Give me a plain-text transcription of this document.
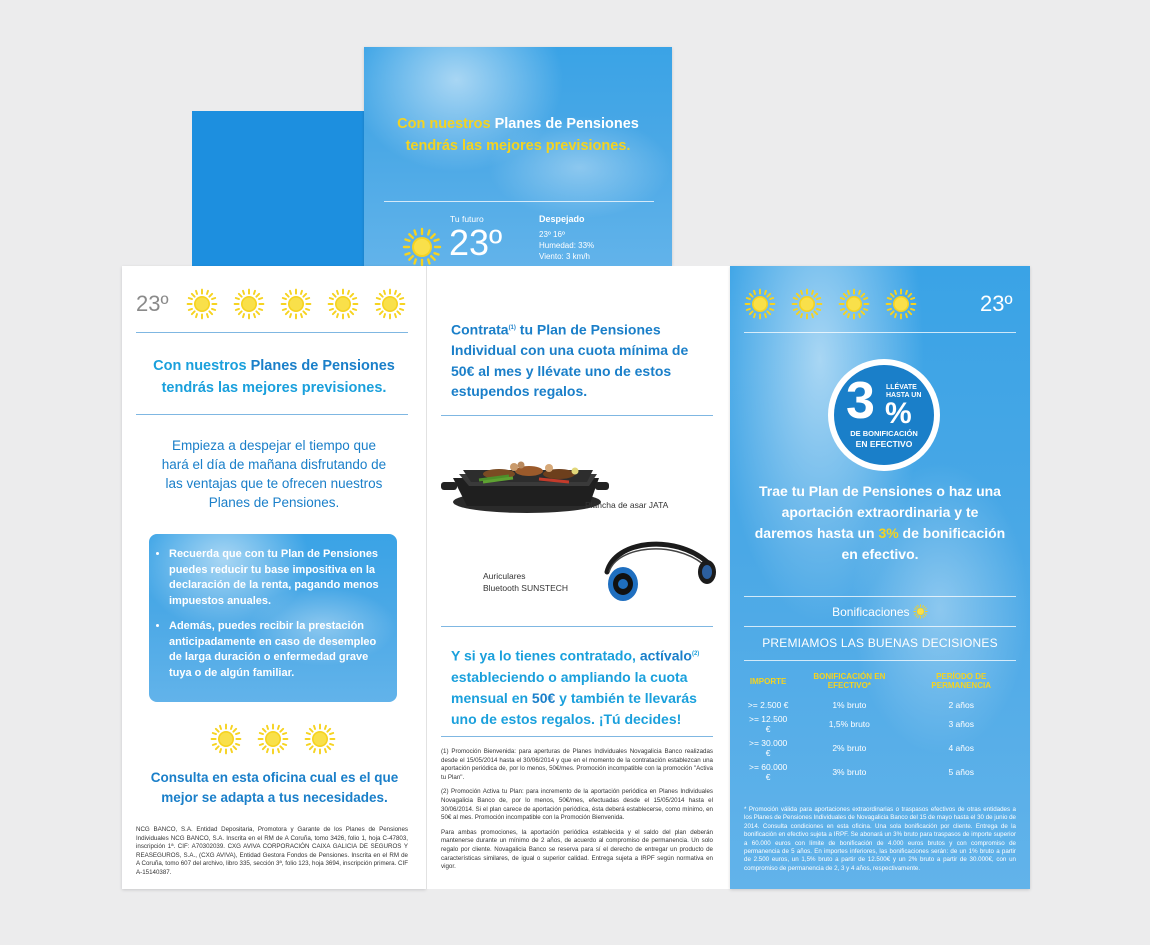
Con nuestros Planes de Pensiones
tendrás las mejores previsiones.
Tu futuro
23º
Despejado
23º 16º
Humedad: 33%
Viento: 3 km/h
23º
Con nuestros Planes de Pensiones
tendrás las mejores previsiones.
Empieza a despejar el tiempo que hará el día de mañana disfrutando de las ventajas que te ofrecen nuestros Planes de Pensiones.
• Recuerda que con tu Plan de Pensiones puedes reducir tu base impositiva en la declaración de la renta, pagando menos impuestos anuales.
• Además, puedes recibir la prestación anticipadamente en caso de desempleo de larga duración o enfermedad grave tuya o de algún familiar.
Consulta en esta oficina cual es el que mejor se adapta a tus necesidades.
NCG BANCO, S.A. Entidad Depositaria, Promotora y Garante de los Planes de Pensiones Individuales NCG BANCO, S.A. Inscrita en el RM de A Coruña, tomo 3426, folio 1, hoja C-47803, inscripción 1ª. CIF: A70302039. CXG AVIVA CORPORACIÓN CAIXA GALICIA DE SEGUROS Y REASEGUROS, S.A., (CXG AVIVA), Entidad Gestora Fondos de Pensiones. Inscrita en el RM de A Coruña, tomo 607 del archivo, libro 335, sección 3ª, folio 123, hoja 3694, inscripción primera. CIF A-15140387.
Contrata$^{(1)}$ tu Plan de Pensiones Individual con una cuota mínima de 50€ al mes y llévate uno de estos estupendos regalos.
Plancha de asar JATA
Auriculares
Bluetooth SUNSTECH
Y si ya lo tienes contratado, actívalo$^{(2)}$ estableciendo o ampliando la cuota mensual en 50€ y también te llevarás uno de estos regalos. ¡Tú decides!

(1) Promoción Bienvenida: para aperturas de Planes Individuales Novagalicia Banco realizadas desde el 15/05/2014 hasta el 30/06/2014 y que en el momento de la contratación establezcan una aportación periódica de, por lo menos, 50€/mes. Promoción incompatible con la promoción "Activa tu Plan".

(2) Promoción Activa tu Plan: para incremento de la aportación periódica en Planes Individuales Novagalicia Banco de, por lo menos, 50€/mes, efectuadas desde el 15/05/2014 hasta el 30/06/2014. Si el plan carece de aportación periódica, ésta deberá establecerse, como mínimo, en 50€ al mes. Promoción incompatible con la Promoción Bienvenida.

Para ambas promociones, la aportación periódica establecida y el saldo del plan deberán mantenerse durante un mínimo de 2 años, de acuerdo al compromiso de permanencia. Un solo regalo por cliente. Novagalicia Banco se reserva para sí el derecho de entregar un producto de características similares, de igual o superior calidad. Entrega sujeta a IRPF según normativa en vigor.

23º
3 LLÉVATE HASTA UN
%
DE BONIFICACIÓN
EN EFECTIVO
Trae tu Plan de Pensiones o haz una aportación extraordinaria y te daremos hasta un 3% de bonificación en efectivo.
Bonificaciones
PREMIAMOS LAS BUENAS DECISIONES
IMPORTE	BONIFICACIÓN EN EFECTIVO*	PERÍODO DE PERMANENCIA
>= 2.500 €	1% bruto	2 años
>= 12.500 €	1,5% bruto	3 años
>= 30.000 €	2% bruto	4 años
>= 60.000 €	3% bruto	5 años
* Promoción válida para aportaciones extraordinarias o traspasos efectivos de otras entidades a los Planes de Pensiones Individuales de Novagalicia Banco del 15 de mayo hasta el 30 de junio de 2014. Consulta condiciones en esta oficina. Una sola bonificación por cliente. Entrega de la bonificación en efectivo sujeta a IRPF. Se abonará un 3% bruto para traspasos de importe superior a 60.000 euros con límite de bonificación de 4.000 euros brutos y con compromiso de permanencia de 5 años. En importes inferiores, las bonificaciones serán: de un 1% bruto a partir de 2.500 euros, un 1,5% bruto a partir de 12.500€ y un 2% bruto a partir de 30.000€, con un compromiso de permanencia de 2, 3 y 4 años, respectivamente.
